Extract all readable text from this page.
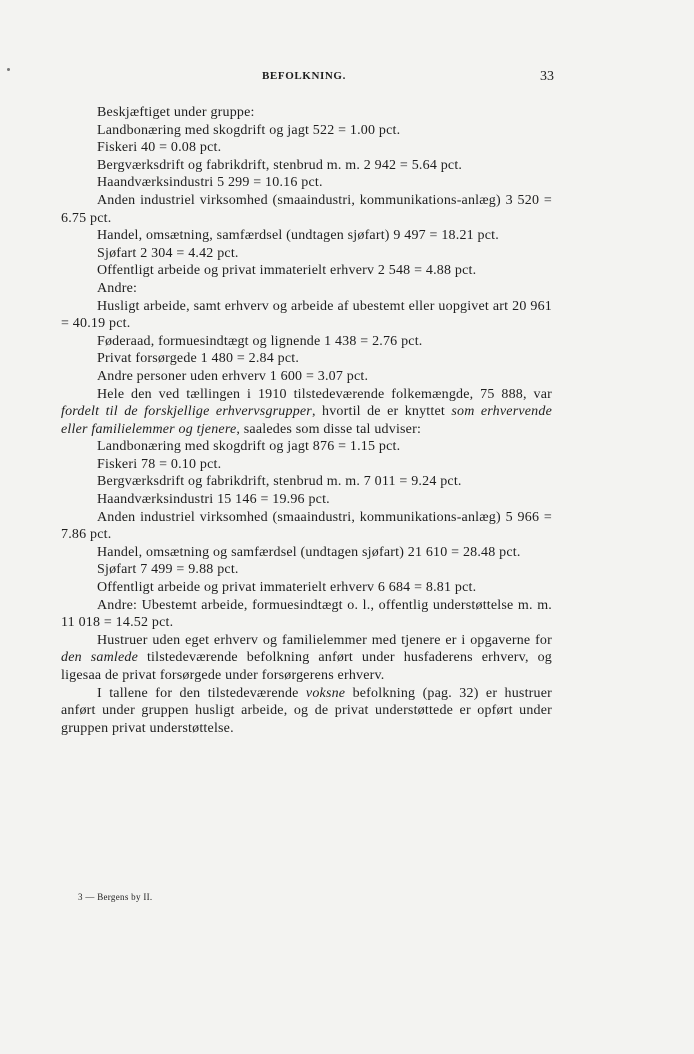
BEFOLKNING.	33

Beskjæftiget under gruppe:

Landbonæring med skogdrift og jagt 522 = 1.00 pct.

Fiskeri 40 = 0.08 pct.

Bergværksdrift og fabrikdrift, stenbrud m. m. 2 942 = 5.64 pct.

Haandværksindustri 5 299 = 10.16 pct.

Anden industriel virksomhed (smaaindustri, kommunikations-anlæg) 3 520 = 6.75 pct.

Handel, omsætning, samfærdsel (undtagen sjøfart) 9 497 = 18.21 pct.

Sjøfart 2 304 = 4.42 pct.

Offentligt arbeide og privat immaterielt erhverv 2 548 = 4.88 pct.

Andre:

Husligt arbeide, samt erhverv og arbeide af ubestemt eller uopgivet art 20 961 = 40.19 pct.

Føderaad, formuesindtægt og lignende 1 438 = 2.76 pct.

Privat forsørgede 1 480 = 2.84 pct.

Andre personer uden erhverv 1 600 = 3.07 pct.

Hele den ved tællingen i 1910 tilstedeværende folkemængde, 75 888, var fordelt til de forskjellige erhvervsgrupper, hvortil de er knyttet som erhvervende eller familielemmer og tjenere, saaledes som disse tal udviser:

Landbonæring med skogdrift og jagt 876 = 1.15 pct.

Fiskeri 78 = 0.10 pct.

Bergværksdrift og fabrikdrift, stenbrud m. m. 7 011 = 9.24 pct.

Haandværksindustri 15 146 = 19.96 pct.

Anden industriel virksomhed (smaaindustri, kommunikations-anlæg) 5 966 = 7.86 pct.

Handel, omsætning og samfærdsel (undtagen sjøfart) 21 610 = 28.48 pct.

Sjøfart 7 499 = 9.88 pct.

Offentligt arbeide og privat immaterielt erhverv 6 684 = 8.81 pct.

Andre: Ubestemt arbeide, formuesindtægt o. l., offentlig understøttelse m. m. 11 018 = 14.52 pct.

Hustruer uden eget erhverv og familielemmer med tjenere er i opgaverne for den samlede tilstedeværende befolkning anført under husfaderens erhverv, og ligesaa de privat forsørgede under forsørgerens erhverv.

I tallene for den tilstedeværende voksne befolkning (pag. 32) er hustruer anført under gruppen husligt arbeide, og de privat understøttede er opført under gruppen privat understøttelse.

3 — Bergens by II.
